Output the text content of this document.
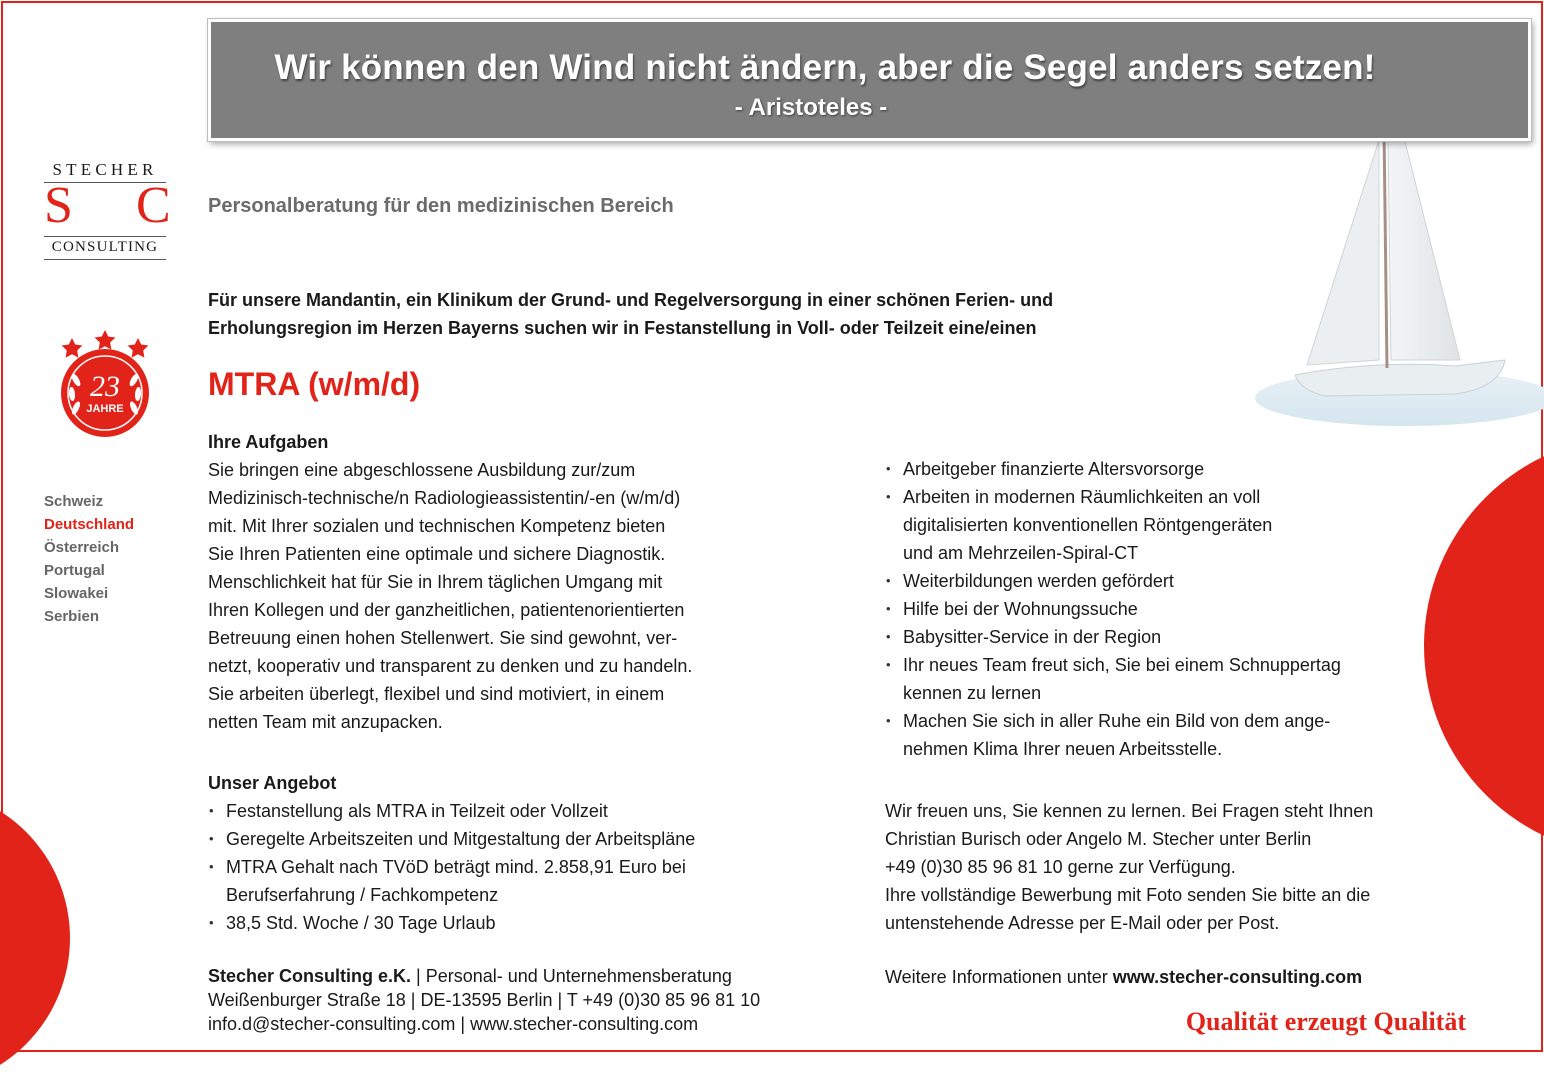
Wir können den Wind nicht ändern, aber die Segel anders setzen!
- Aristoteles -
STECHER
S C
CONSULTING
23
JAHRE
Schweiz
Deutschland
Österreich
Portugal
Slowakei
Serbien
Personalberatung für den medizinischen Bereich
Für unsere Mandantin, ein Klinikum der Grund- und Regelversorgung in einer schönen Ferien- und
Erholungsregion im Herzen Bayerns suchen wir in Festanstellung in Voll- oder Teilzeit eine/einen
MTRA (w/m/d)

Ihre Aufgaben

Sie bringen eine abgeschlossene Ausbildung zur/zum
Medizinisch-technische/n Radiologieassistentin/-en (w/m/d)
mit. Mit Ihrer sozialen und technischen Kompetenz bieten
Sie Ihren Patienten eine optimale und sichere Diagnostik.
Menschlichkeit hat für Sie in Ihrem täglichen Umgang mit
Ihren Kollegen und der ganzheitlichen, patientenorientierten
Betreuung einen hohen Stellenwert. Sie sind gewohnt, ver-
netzt, kooperativ und transparent zu denken und zu handeln.
Sie arbeiten überlegt, flexibel und sind motiviert, in einem
netten Team mit anzupacken.

Unser Angebot

• Festanstellung als MTRA in Teilzeit oder Vollzeit
• Geregelte Arbeitszeiten und Mitgestaltung der Arbeitspläne
• MTRA Gehalt nach TVöD beträgt mind. 2.858,91 Euro bei
Berufserfahrung / Fachkompetenz
• 38,5 Std. Woche / 30 Tage Urlaub
• Arbeitgeber finanzierte Altersvorsorge
• Arbeiten in modernen Räumlichkeiten an voll
digitalisierten konventionellen Röntgengeräten
und am Mehrzeilen-Spiral-CT
• Weiterbildungen werden gefördert
• Hilfe bei der Wohnungssuche
• Babysitter-Service in der Region
• Ihr neues Team freut sich, Sie bei einem Schnuppertag
kennen zu lernen
• Machen Sie sich in aller Ruhe ein Bild von dem ange-
nehmen Klima Ihrer neuen Arbeitsstelle.

Wir freuen uns, Sie kennen zu lernen. Bei Fragen steht Ihnen
Christian Burisch oder Angelo M. Stecher unter Berlin
+49 (0)30 85 96 81 10 gerne zur Verfügung.
Ihre vollständige Bewerbung mit Foto senden Sie bitte an die
untenstehende Adresse per E-Mail oder per Post.

Weitere Informationen unter www.stecher-consulting.com
Stecher Consulting e.K. | Personal- und Unternehmensberatung
Weißenburger Straße 18 | DE-13595 Berlin | T +49 (0)30 85 96 81 10
info.d@stecher-consulting.com | www.stecher-consulting.com	Qualität erzeugt Qualität
